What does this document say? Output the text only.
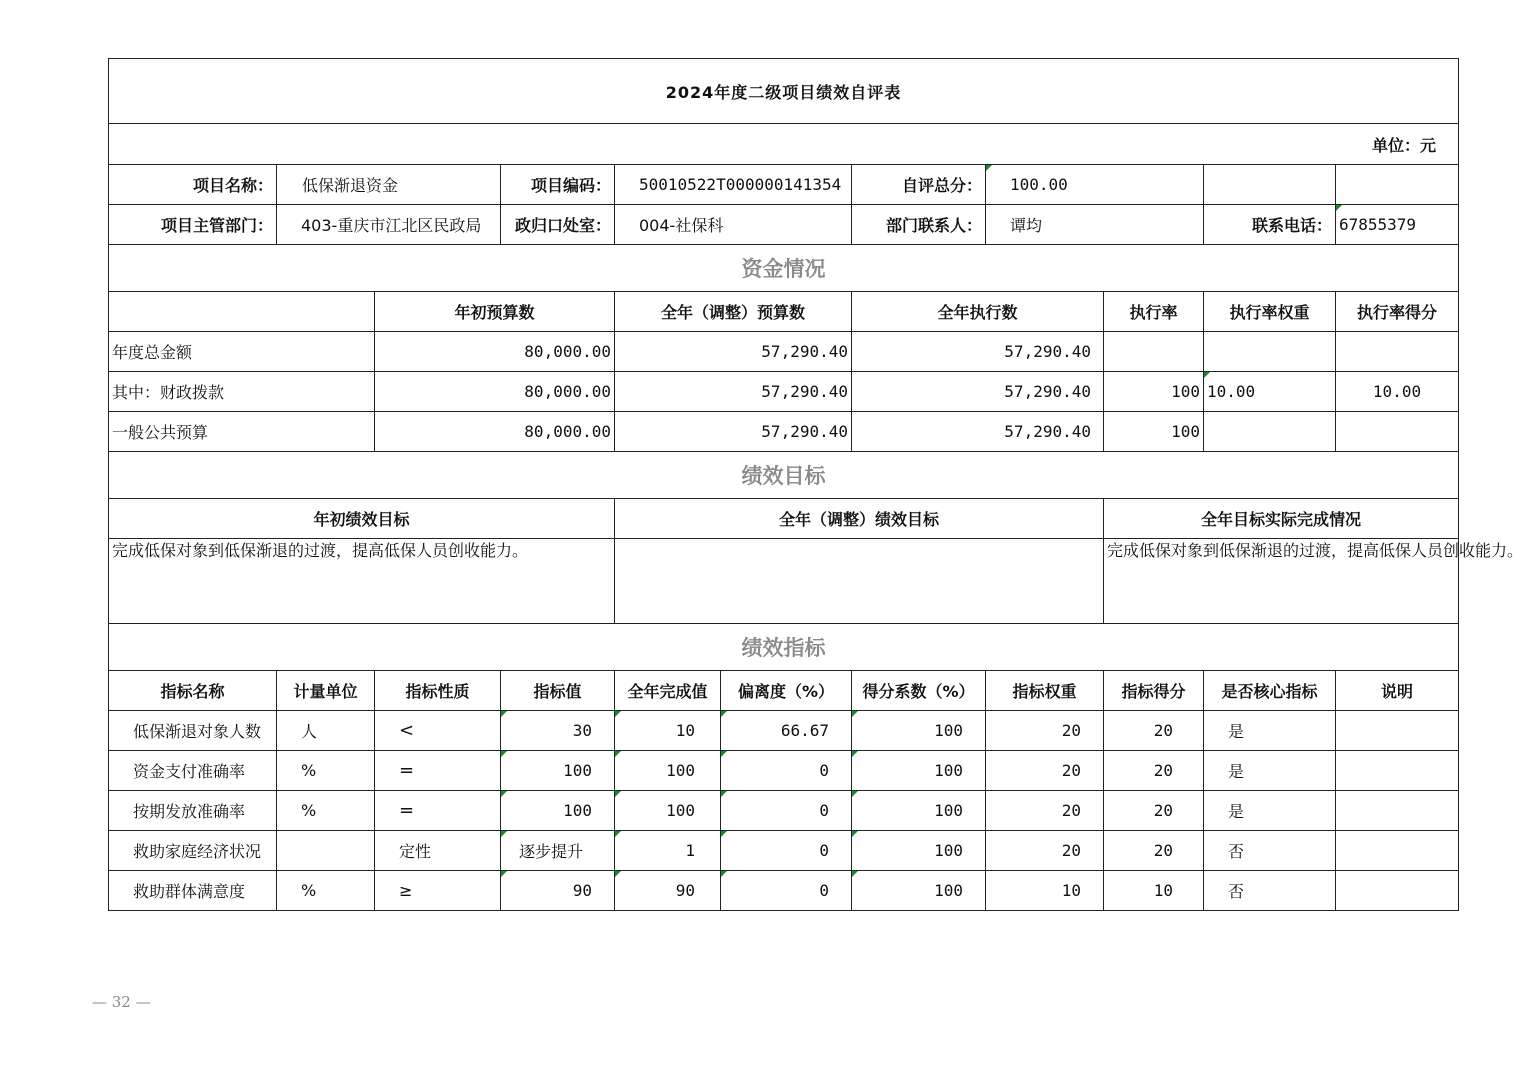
2024年度二级项目绩效自评表										
单位：元										
项目名称：	低保渐退资金		项目编码：	50010522T000000141354		自评总分：	100.00			
项目主管部门：	403-重庆市江北区民政局		政归口处室：	004-社保科		部门联系人：	谭均		联系电话：	67855379
资金情况										
		年初预算数		全年（调整）预算数		全年执行数		执行率	执行率权重	执行率得分
年度总金额		80,000.00		57,290.40		57,290.40				
其中：财政拨款		80,000.00		57,290.40		57,290.40		100	10.00	10.00
一般公共预算		80,000.00		57,290.40		57,290.40		100		
绩效目标										
年初绩效目标				全年（调整）绩效目标				全年目标实际完成情况		
完成低保对象到低保渐退的过渡，提高低保人员创收能力。								完成低保对象到低保渐退的过渡，提高低保人员创收能力。		
绩效指标										
指标名称	计量单位	指标性质	指标值	全年完成值	偏离度（%）	得分系数（%）	指标权重	指标得分	是否核心指标	说明
低保渐退对象人数	人	<	30	10	66.67	100	20	20	是	
资金支付准确率	%	=	100	100	0	100	20	20	是	
按期发放准确率	%	=	100	100	0	100	20	20	是	
救助家庭经济状况		定性	逐步提升	1	0	100	20	20	否	
救助群体满意度	%	≥	90	90	0	100	10	10	否	
— 32 —
